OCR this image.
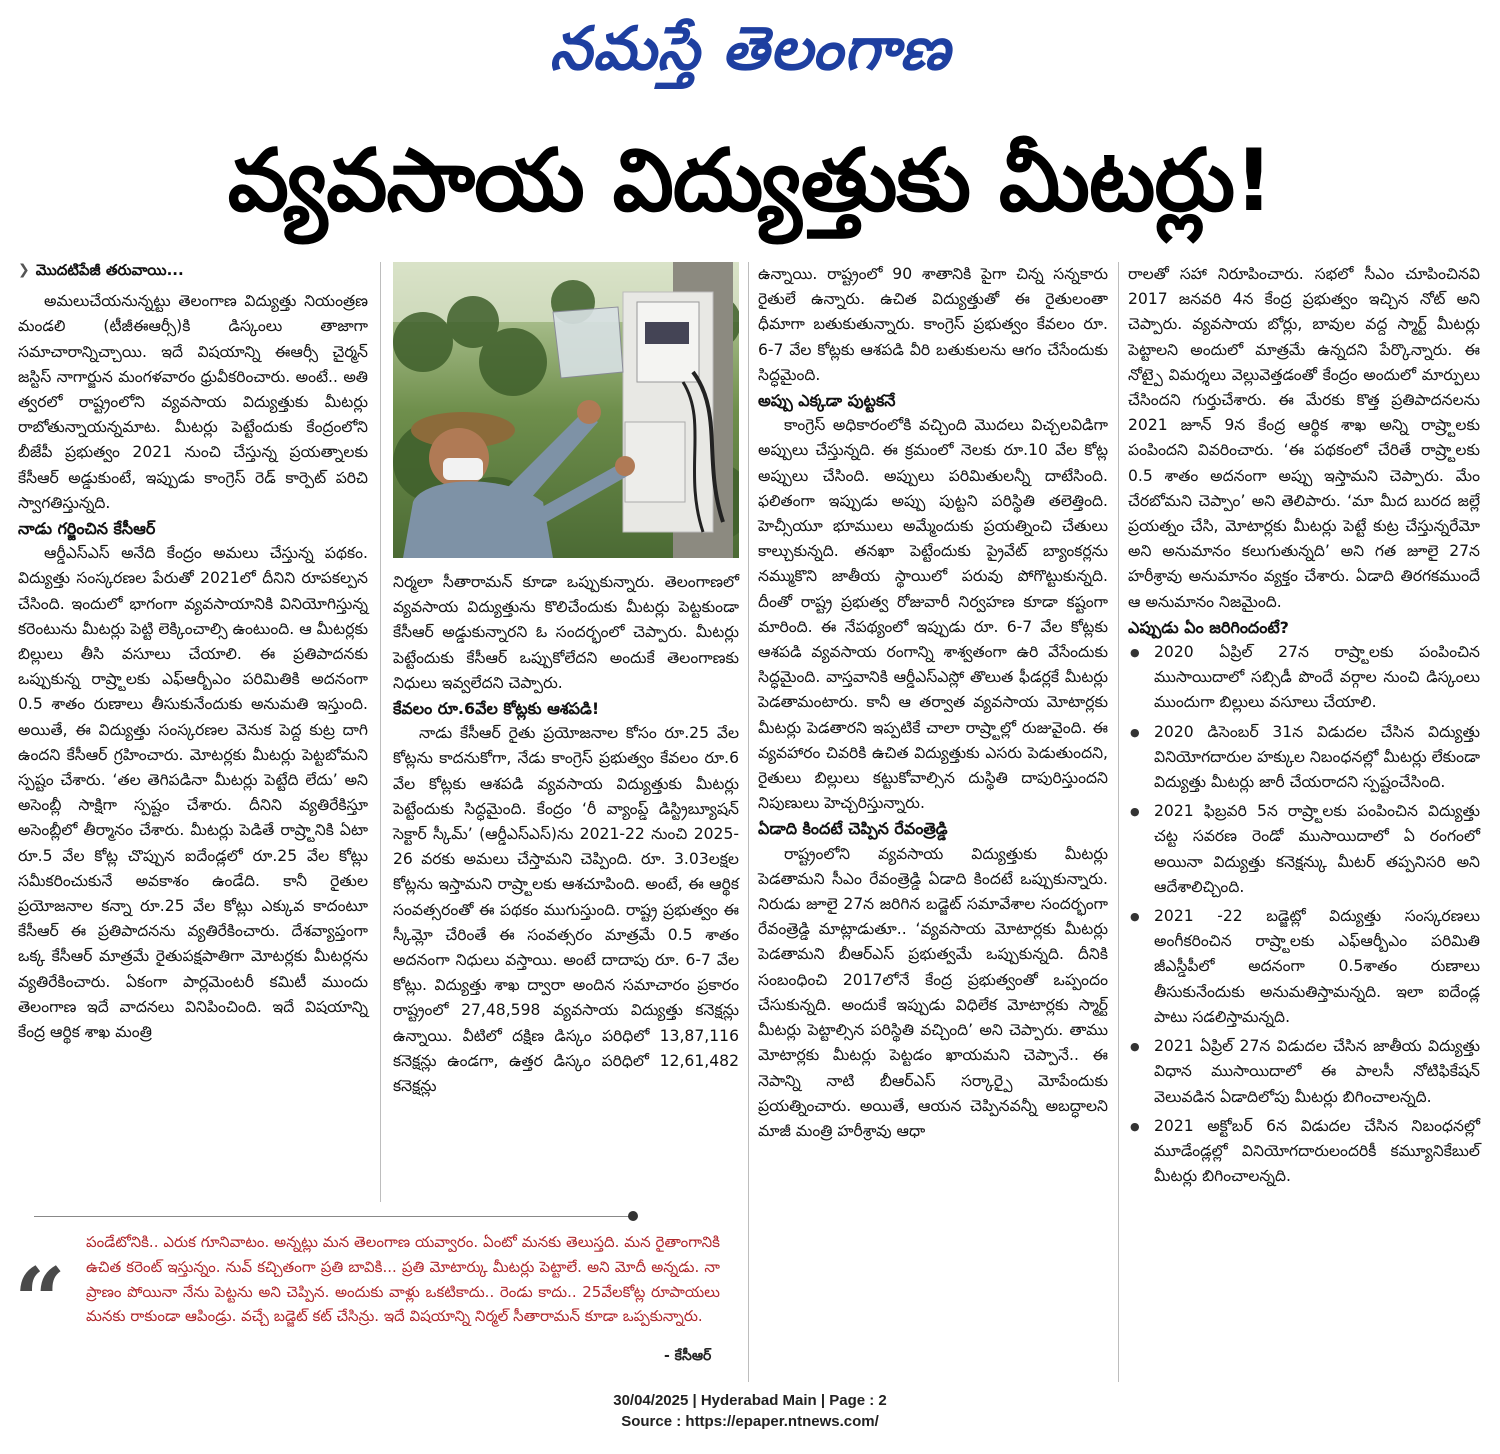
నమస్తే తెలంగాణ
వ్యవసాయ విద్యుత్తుకు మీటర్లు!
❯ మొదటిపేజీ తరువాయి...

అమలుచేయనున్నట్టు తెలంగాణ విద్యుత్తు నియంత్రణ మండలి (టీజీఈఆర్సీ)కి డిస్కంలు తాజాగా సమాచారాన్నిచ్చాయి. ఇదే విషయాన్ని ఈఆర్సీ చైర్మన్ జస్టిస్ నాగార్జున మంగళవారం ధ్రువీకరించారు. అంటే.. అతి త్వరలో రాష్ట్రంలోని వ్యవసాయ విద్యుత్తుకు మీటర్లు రాబోతున్నాయన్నమాట. మీటర్లు పెట్టేందుకు కేంద్రంలోని బీజేపీ ప్రభుత్వం 2021 నుంచి చేస్తున్న ప్రయత్నాలకు కేసీఆర్ అడ్డుకుంటే, ఇప్పుడు కాంగ్రెస్ రెడ్ కార్పెట్ పరిచి స్వాగతిస్తున్నది.

నాడు గర్జించిన కేసీఆర్

ఆర్డీఎస్ఎస్ అనేది కేంద్రం అమలు చేస్తున్న పథకం. విద్యుత్తు సంస్కరణల పేరుతో 2021లో దీనిని రూపకల్పన చేసింది. ఇందులో భాగంగా వ్యవసాయానికి వినియోగిస్తున్న కరెంటును మీటర్లు పెట్టి లెక్కించాల్సి ఉంటుంది. ఆ మీటర్లకు బిల్లులు తీసి వసూలు చేయాలి. ఈ ప్రతిపాదనకు ఒప్పుకున్న రాష్ర్టాలకు ఎఫ్ఆర్బీఎం పరిమితికి అదనంగా 0.5 శాతం రుణాలు తీసుకునేందుకు అనుమతి ఇస్తుంది. అయితే, ఈ విద్యుత్తు సంస్కరణల వెనుక పెద్ద కుట్ర దాగి ఉందని కేసీఆర్ గ్రహించారు. మోటర్లకు మీటర్లు పెట్టబోమని స్పష్టం చేశారు. ‘తల తెగిపడినా మీటర్లు పెట్టేది లేదు’ అని అసెంబ్లీ సాక్షిగా స్పష్టం చేశారు. దీనిని వ్యతిరేకిస్తూ అసెంబ్లీలో తీర్మానం చేశారు. మీటర్లు పెడితే రాష్ర్టానికి ఏటా రూ.5 వేల కోట్ల చొప్పున ఐదేండ్లలో రూ.25 వేల కోట్లు సమీకరించుకునే అవకాశం ఉండేది. కానీ రైతుల ప్రయోజనాల కన్నా రూ.25 వేల కోట్లు ఎక్కువ కాదంటూ కేసీఆర్ ఈ ప్రతిపాదనను వ్యతిరేకించారు. దేశవ్యాప్తంగా ఒక్క కేసీఆర్ మాత్రమే రైతుపక్షపాతిగా మోటర్లకు మీటర్లను వ్యతిరేకించారు. ఏకంగా పార్లమెంటరీ కమిటీ ముందు తెలంగాణ ఇదే వాదనలు వినిపించింది. ఇదే విషయాన్ని కేంద్ర ఆర్థిక శాఖ మంత్రి

నిర్మలా సీతారామన్ కూడా ఒప్పుకున్నారు. తెలంగాణలో వ్యవసాయ విద్యుత్తును కొలిచేందుకు మీటర్లు పెట్టకుండా కేసీఆర్ అడ్డుకున్నారని ఓ సందర్భంలో చెప్పారు. మీటర్లు పెట్టేందుకు కేసీఆర్ ఒప్పుకోలేదని అందుకే తెలంగాణకు నిధులు ఇవ్వలేదని చెప్పారు.

కేవలం రూ.6వేల కోట్లకు ఆశపడి!

నాడు కేసీఆర్ రైతు ప్రయోజనాల కోసం రూ.25 వేల కోట్లను కాదనుకోగా, నేడు కాంగ్రెస్ ప్రభుత్వం కేవలం రూ.6 వేల కోట్లకు ఆశపడి వ్యవసాయ విద్యుత్తుకు మీటర్లు పెట్టేందుకు సిద్ధమైంది. కేంద్రం ‘రీ వ్యాంప్డ్ డిస్ట్రిబ్యూషన్ సెక్టార్ స్కీమ్’ (ఆర్డీఎస్ఎస్)ను 2021-22 నుంచి 2025-26 వరకు అమలు చేస్తామని చెప్పింది. రూ. 3.03లక్షల కోట్లను ఇస్తామని రాష్ర్టాలకు ఆశచూపింది. అంటే, ఈ ఆర్థిక సంవత్సరంతో ఈ పథకం ముగుస్తుంది. రాష్ట్ర ప్రభుత్వం ఈ స్కీమ్లో చేరింతే ఈ సంవత్సరం మాత్రమే 0.5 శాతం అదనంగా నిధులు వస్తాయి. అంటే దాదాపు రూ. 6-7 వేల కోట్లు. విద్యుత్తు శాఖ ద్వారా అందిన సమాచారం ప్రకారం రాష్ట్రంలో 27,48,598 వ్యవసాయ విద్యుత్తు కనెక్షన్లు ఉన్నాయి. వీటిలో దక్షిణ డిస్కం పరిధిలో 13,87,116 కనెక్షన్లు ఉండగా, ఉత్తర డిస్కం పరిధిలో 12,61,482 కనెక్షన్లు

ఉన్నాయి. రాష్ట్రంలో 90 శాతానికి పైగా చిన్న సన్నకారు రైతులే ఉన్నారు. ఉచిత విద్యుత్తుతో ఈ రైతులంతా ధీమాగా బతుకుతున్నారు. కాంగ్రెస్ ప్రభుత్వం కేవలం రూ. 6-7 వేల కోట్లకు ఆశపడి వీరి బతుకులను ఆగం చేసేందుకు సిద్ధమైంది.

అప్పు ఎక్కడా పుట్టకనే

కాంగ్రెస్ అధికారంలోకి వచ్చింది మొదలు విచ్చలవిడిగా అప్పులు చేస్తున్నది. ఈ క్రమంలో నెలకు రూ.10 వేల కోట్ల అప్పులు చేసింది. అప్పులు పరిమితులన్నీ దాటేసింది. ఫలితంగా ఇప్పుడు అప్పు పుట్టని పరిస్థితి తలెత్తింది. హెచ్సీయూ భూములు అమ్మేందుకు ప్రయత్నించి చేతులు కాల్చుకున్నది. తనఖా పెట్టేందుకు ప్రైవేట్ బ్యాంకర్లను నమ్ముకొని జాతీయ స్థాయిలో పరువు పోగొట్టుకున్నది. దీంతో రాష్ట్ర ప్రభుత్వ రోజువారీ నిర్వహణ కూడా కష్టంగా మారింది. ఈ నేపథ్యంలో ఇప్పుడు రూ. 6-7 వేల కోట్లకు ఆశపడి వ్యవసాయ రంగాన్ని శాశ్వతంగా ఉరి వేసేందుకు సిద్ధమైంది. వాస్తవానికి ఆర్డీఎస్ఎస్లో తొలుత ఫీడర్లకే మీటర్లు పెడతామంటారు. కానీ ఆ తర్వాత వ్యవసాయ మోటార్లకు మీటర్లు పెడతారని ఇప్పటికే చాలా రాష్ర్టాల్లో రుజువైంది. ఈ వ్యవహారం చివరికి ఉచిత విద్యుత్తుకు ఎసరు పెడుతుందని, రైతులు బిల్లులు కట్టుకోవాల్సిన దుస్థితి దాపురిస్తుందని నిపుణులు హెచ్చరిస్తున్నారు.

ఏడాది కిందటే చెప్పిన రేవంత్రెడ్డి

రాష్ట్రంలోని వ్యవసాయ విద్యుత్తుకు మీటర్లు పెడతామని సీఎం రేవంత్రెడ్డి ఏడాది కిందటే ఒప్పుకున్నారు. నిరుడు జూలై 27న జరిగిన బడ్జెట్ సమావేశాల సందర్భంగా రేవంత్రెడ్డి మాట్లాడుతూ.. ‘వ్యవసాయ మోటార్లకు మీటర్లు పెడతామని బీఆర్ఎస్ ప్రభుత్వమే ఒప్పుకున్నది. దీనికి సంబంధించి 2017లోనే కేంద్ర ప్రభుత్వంతో ఒప్పందం చేసుకున్నది. అందుకే ఇప్పుడు విధిలేక మోటార్లకు స్మార్ట్ మీటర్లు పెట్టాల్సిన పరిస్థితి వచ్చింది’ అని చెప్పారు. తాము మోటార్లకు మీటర్లు పెట్టడం ఖాయమని చెప్పానే.. ఈ నెపాన్ని నాటి బీఆర్ఎస్ సర్కార్పై మోపేందుకు ప్రయత్నించారు. అయితే, ఆయన చెప్పినవన్నీ అబద్ధాలని మాజీ మంత్రి హరీశ్రావు ఆధా

రాలతో సహా నిరూపించారు. సభలో సీఎం చూపించినవి 2017 జనవరి 4న కేంద్ర ప్రభుత్వం ఇచ్చిన నోట్ అని చెప్పారు. వ్యవసాయ బోర్లు, బావుల వద్ద స్మార్ట్ మీటర్లు పెట్టాలని అందులో మాత్రమే ఉన్నదని పేర్కొన్నారు. ఈ నోట్పై విమర్శలు వెల్లువెత్తడంతో కేంద్రం అందులో మార్పులు చేసిందని గుర్తుచేశారు. ఈ మేరకు కొత్త ప్రతిపాదనలను 2021 జూన్ 9న కేంద్ర ఆర్థిక శాఖ అన్ని రాష్ర్టాలకు పంపిందని వివరించారు. ‘ఈ పథకంలో చేరితే రాష్ర్టాలకు 0.5 శాతం అదనంగా అప్పు ఇస్తామని చెప్పారు. మేం చేరబోమని చెప్పాం’ అని తెలిపారు. ‘మా మీద బురద జల్లే ప్రయత్నం చేసి, మోటార్లకు మీటర్లు పెట్టే కుట్ర చేస్తున్నరేమో అని అనుమానం కలుగుతున్నది’ అని గత జూలై 27న హరీశ్రావు అనుమానం వ్యక్తం చేశారు. ఏడాది తిరగకముందే ఆ అనుమానం నిజమైంది.

ఎప్పుడు ఏం జరిగిందంటే?

● 2020 ఏప్రిల్ 27న రాష్ర్టాలకు పంపించిన ముసాయిదాలో సబ్సిడీ పొందే వర్గాల నుంచి డిస్కంలు ముందుగా బిల్లులు వసూలు చేయాలి.
● 2020 డిసెంబర్ 31న విడుదల చేసిన విద్యుత్తు వినియోగదారుల హక్కుల నిబంధనల్లో మీటర్లు లేకుండా విద్యుత్తు మీటర్లు జారీ చేయరాదని స్పష్టంచేసింది.
● 2021 ఫిబ్రవరి 5న రాష్ర్టాలకు పంపించిన విద్యుత్తు చట్ట సవరణ రెండో ముసాయిదాలో ఏ రంగంలో అయినా విద్యుత్తు కనెక్షన్కు మీటర్ తప్పనిసరి అని ఆదేశాలిచ్చింది.
● 2021 -22 బడ్జెట్లో విద్యుత్తు సంస్కరణలు అంగీకరించిన రాష్ర్టాలకు ఎఫ్ఆర్బీఎం పరిమితి జీఎస్డీపీలో అదనంగా 0.5శాతం రుణాలు తీసుకునేందుకు అనుమతిస్తామన్నది. ఇలా ఐదేండ్ల పాటు సడలిస్తామన్నది.
● 2021 ఏప్రిల్ 27న విడుదల చేసిన జాతీయ విద్యుత్తు విధాన ముసాయిదాలో ఈ పాలసీ నోటిఫికేషన్ వెలువడిన ఏడాదిలోపు మీటర్లు బిగించాలన్నది.
● 2021 అక్టోబర్ 6న విడుదల చేసిన నిబంధనల్లో మూడేండ్లల్లో వినియోగదారులందరికీ కమ్యూనికేబుల్ మీటర్లు బిగించాలన్నది.
“
పండేటోనికి.. ఎరుక గూనివాటం. అన్నట్లు మన తెలంగాణ యవ్వారం. ఏంటో మనకు తెలుస్తది. మన రైతాంగానికి ఉచిత కరెంట్ ఇస్తున్నం. నువ్ కచ్చితంగా ప్రతి బావికి... ప్రతి మోటార్కు మీటర్లు పెట్టాలే. అని మోదీ అన్నడు. నా ప్రాణం పోయినా నేను పెట్టను అని చెప్పిన. అందుకు వాళ్లు ఒకటికాదు.. రెండు కాదు.. 25వేలకోట్ల రూపాయలు మనకు రాకుండా ఆపిండ్రు. వచ్చే బడ్జెట్ కట్ చేసిన్రు. ఇదే విషయాన్ని నిర్మల్ సీతారామన్ కూడా ఒప్పకున్నారు.
- కేసీఆర్
30/04/2025 | Hyderabad Main | Page : 2
Source : https://epaper.ntnews.com/
